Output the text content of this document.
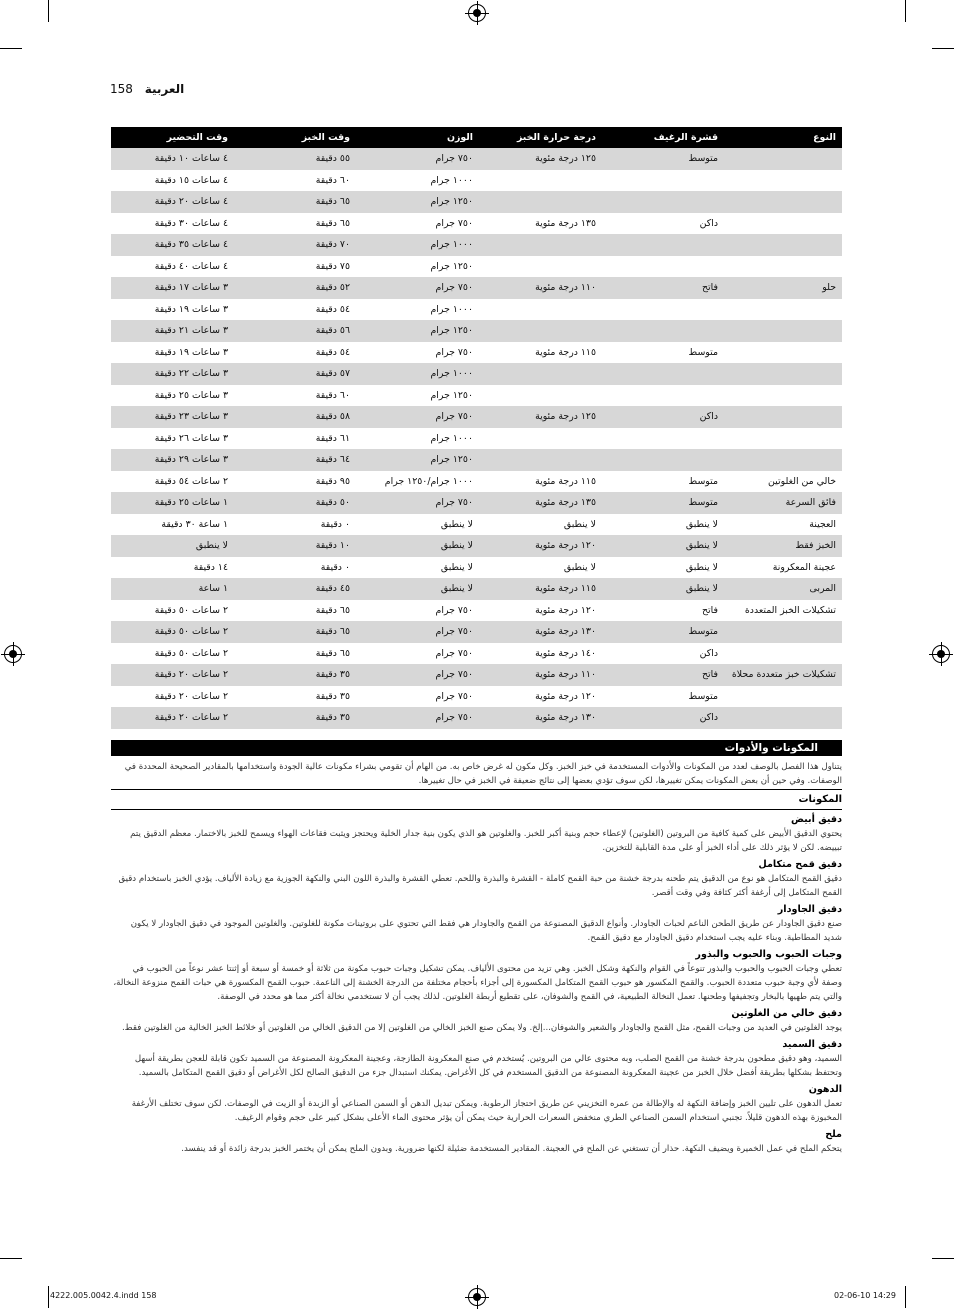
158 العربية
النوع	قشرة الرغيف	درجة حرارة الخبز	الوزن	وقت الخبز	وقت التحضير
	متوسط	١٢٥ درجة مئوية	٧٥٠ جرام	٥٥ دقيقة	٤ ساعات ١٠ دقيقة
			١٠٠٠ جرام	٦٠ دقيقة	٤ ساعات ١٥ دقيقة
			١٢٥٠ جرام	٦٥ دقيقة	٤ ساعات ٢٠ دقيقة
	داكن	١٣٥ درجة مئوية	٧٥٠ جرام	٦٥ دقيقة	٤ ساعات ٣٠ دقيقة
			١٠٠٠ جرام	٧٠ دقيقة	٤ ساعات ٣٥ دقيقة
			١٢٥٠ جرام	٧٥ دقيقة	٤ ساعات ٤٠ دقيقة
حلو	فاتح	١١٠ درجة مئوية	٧٥٠ جرام	٥٢ دقيقة	٣ ساعات ١٧ دقيقة
			١٠٠٠ جرام	٥٤ دقيقة	٣ ساعات ١٩ دقيقة
			١٢٥٠ جرام	٥٦ دقيقة	٣ ساعات ٢١ دقيقة
	متوسط	١١٥ درجة مئوية	٧٥٠ جرام	٥٤ دقيقة	٣ ساعات ١٩ دقيقة
			١٠٠٠ جرام	٥٧ دقيقة	٣ ساعات ٢٢ دقيقة
			١٢٥٠ جرام	٦٠ دقيقة	٣ ساعات ٢٥ دقيقة
	داكن	١٢٥ درجة مئوية	٧٥٠ جرام	٥٨ دقيقة	٣ ساعات ٢٣ دقيقة
			١٠٠٠ جرام	٦١ دقيقة	٣ ساعات ٢٦ دقيقة
			١٢٥٠ جرام	٦٤ دقيقة	٣ ساعات ٢٩ دقيقة
خالي من الغلوتين	متوسط	١١٥ درجة مئوية	١٠٠٠ جرام/١٢٥٠ جرام	٩٥ دقيقة	٢ ساعات ٥٤ دقيقة
فائق السرعة	متوسط	١٣٥ درجة مئوية	٧٥٠ جرام	٥٠ دقيقة	١ ساعات ٢٥ دقيقة
العجينة	لا ينطبق	لا ينطبق	لا ينطبق	٠ دقيقة	١ ساعة ٣٠ دقيقة
الخبز فقط	لا ينطبق	١٢٠ درجة مئوية	لا ينطبق	١٠ دقيقة	لا ينطبق
عجينة المعكرونة	لا ينطبق	لا ينطبق	لا ينطبق	٠ دقيقة	١٤ دقيقة
المربى	لا ينطبق	١١٥ درجة مئوية	لا ينطبق	٤٥ دقيقة	١ ساعة
تشكيلات الخبز المتعددة	فاتح	١٢٠ درجة مئوية	٧٥٠ جرام	٦٥ دقيقة	٢ ساعات ٥٠ دقيقة
	متوسط	١٣٠ درجة مئوية	٧٥٠ جرام	٦٥ دقيقة	٢ ساعات ٥٠ دقيقة
	داكن	١٤٠ درجة مئوية	٧٥٠ جرام	٦٥ دقيقة	٢ ساعات ٥٠ دقيقة
تشكيلات خبز متعددة محلاة	فاتح	١١٠ درجة مئوية	٧٥٠ جرام	٣٥ دقيقة	٢ ساعات ٢٠ دقيقة
	متوسط	١٢٠ درجة مئوية	٧٥٠ جرام	٣٥ دقيقة	٢ ساعات ٢٠ دقيقة
	داكن	١٣٠ درجة مئوية	٧٥٠ جرام	٣٥ دقيقة	٢ ساعات ٢٠ دقيقة
المكونات والأدوات

يتناول هذا الفصل بالوصف لعدد من المكونات والأدوات المستخدمة في خبز الخبز. وكل مكون له غرض خاص به. من الهام أن تقومي بشراء مكونات عالية الجودة واستخدامها بالمقادير الصحيحة المحددة في الوصفات. وفي حين أن بعض المكونات يمكن تغييرها، لكن سوف تؤدي بعضها إلى نتائج ضعيفة في الخبز في حال تغييرها.

المكونات
دقيق أبيض

يحتوي الدقيق الأبيض على كمية كافية من البروتين (الغلوتين) لإعطاء حجم وبنية أكبر للخبز. والغلوتين هو الذي يكون بنية جدار الخلية ويحتجز ويثبت فقاعات الهواء ويسمح للخبز بالاختمار. معظم الدقيق يتم تبييضه. لكن لا يؤثر ذلك على أداء الخبز أو على مدة القابلية للتخزين.

دقيق قمح متكامل

دقيق القمح المتكامل هو نوع من الدقيق يتم طحنه بدرجة خشنة من حبة القمح كاملة - القشرة والبذرة واللحم. تعطي القشرة والبذرة اللون البني والنكهة الجوزية مع زيادة الألياف. يؤدي الخبز باستخدام دقيق القمح المتكامل إلى أرغفة أكثر كثافة وفي وقت أقصر.

دقيق الجاودار

صنع دقيق الجاودار عن طريق الطحن الناعم لحبات الجاودار. وأنواع الدقيق المصنوعة من القمح والجاودار هي فقط التي تحتوي على بروتينات مكونة للغلوتين. والغلوتين الموجود في دقيق الجاودار لا يكون شديد المطاطية. وبناء عليه يجب استخدام دقيق الجاودار مع دقيق القمح.

وجبات الحبوب والحبوب والبذور

تعطي وجبات الحبوب والحبوب والبذور تنوعاً في القوام والنكهة وشكل الخبز. وهي تزيد من محتوى الألياف. يمكن تشكيل وجبات حبوب مكونة من ثلاثة أو خمسة أو سبعة أو إثنتا عشر نوعاً من الحبوب في وصفة لأي وجبة حبوب متعددة الحبوب. والقمح المكسور هو حبوب القمح المتكامل المكسورة إلى أجزاء بأحجام مختلفة من الدرجة الخشنة إلى الناعمة. حبوب القمح المكسورة هي حبات القمح منزوعة النخالة، والتي يتم طهيها بالبخار وتجفيفها وطحنها. تعمل النخالة الطبيعية، في القمح والشوفان، على تقطيع أربطة الغلوتين. لذلك يجب أن لا تستخدمي نخالة أكثر مما هو محدد في الوصفة.

دقيق خالي من الغلوتين

يوجد الغلوتين في العديد من وجبات القمح، مثل القمح والجاودار والشعير والشوفان...إلخ. ولا يمكن صنع الخبز الخالي من الغلوتين إلا من الدقيق الخالي من الغلوتين أو خلائط الخبز الخالية من الغلوتين فقط.

دقيق السميد

السميد، وهو دقيق مطحون بدرجة خشنة من القمح الصلب، وبه محتوى عالي من البروتين. يُستخدم في صنع المعكرونة الطازجة، وعجينة المعكرونة المصنوعة من السميد تكون قابلة للعجن بطريقة أسهل وتحتفظ بشكلها بطريقة أفضل خلال الخبز من عجينة المعكرونة المصنوعة من الدقيق المستخدم في كل الأغراض. يمكنك استبدال جزء من الدقيق الصالح لكل الأغراض أو دقيق القمح المتكامل بالسميد.

الدهون

تعمل الدهون على تليين الخبز وإضافة النكهة له والإطالة من عمره التخزيني عن طريق احتجاز الرطوبة. ويمكن تبديل الدهن أو السمن الصناعي أو الزبدة أو الزيت في الوصفات. لكن سوف تختلف الأرغفة المخبوزة بهذه الدهون قليلاً. تجنبي استخدام السمن الصناعي الطري منخفض السعرات الحرارية حيث يمكن أن يؤثر محتوى الماء الأعلى بشكل كبير على حجم وقوام الرغيف.

ملح

يتحكم الملح في عمل الخميرة ويضيف النكهة. حذار أن تستغني عن الملح في العجينة. المقادير المستخدمة ضئيلة لكنها ضرورية. وبدون الملح يمكن أن يختمر الخبز بدرجة زائدة أو قد ينفسد.

4222.005.0042.4.indd 158	02-06-10 14:29
